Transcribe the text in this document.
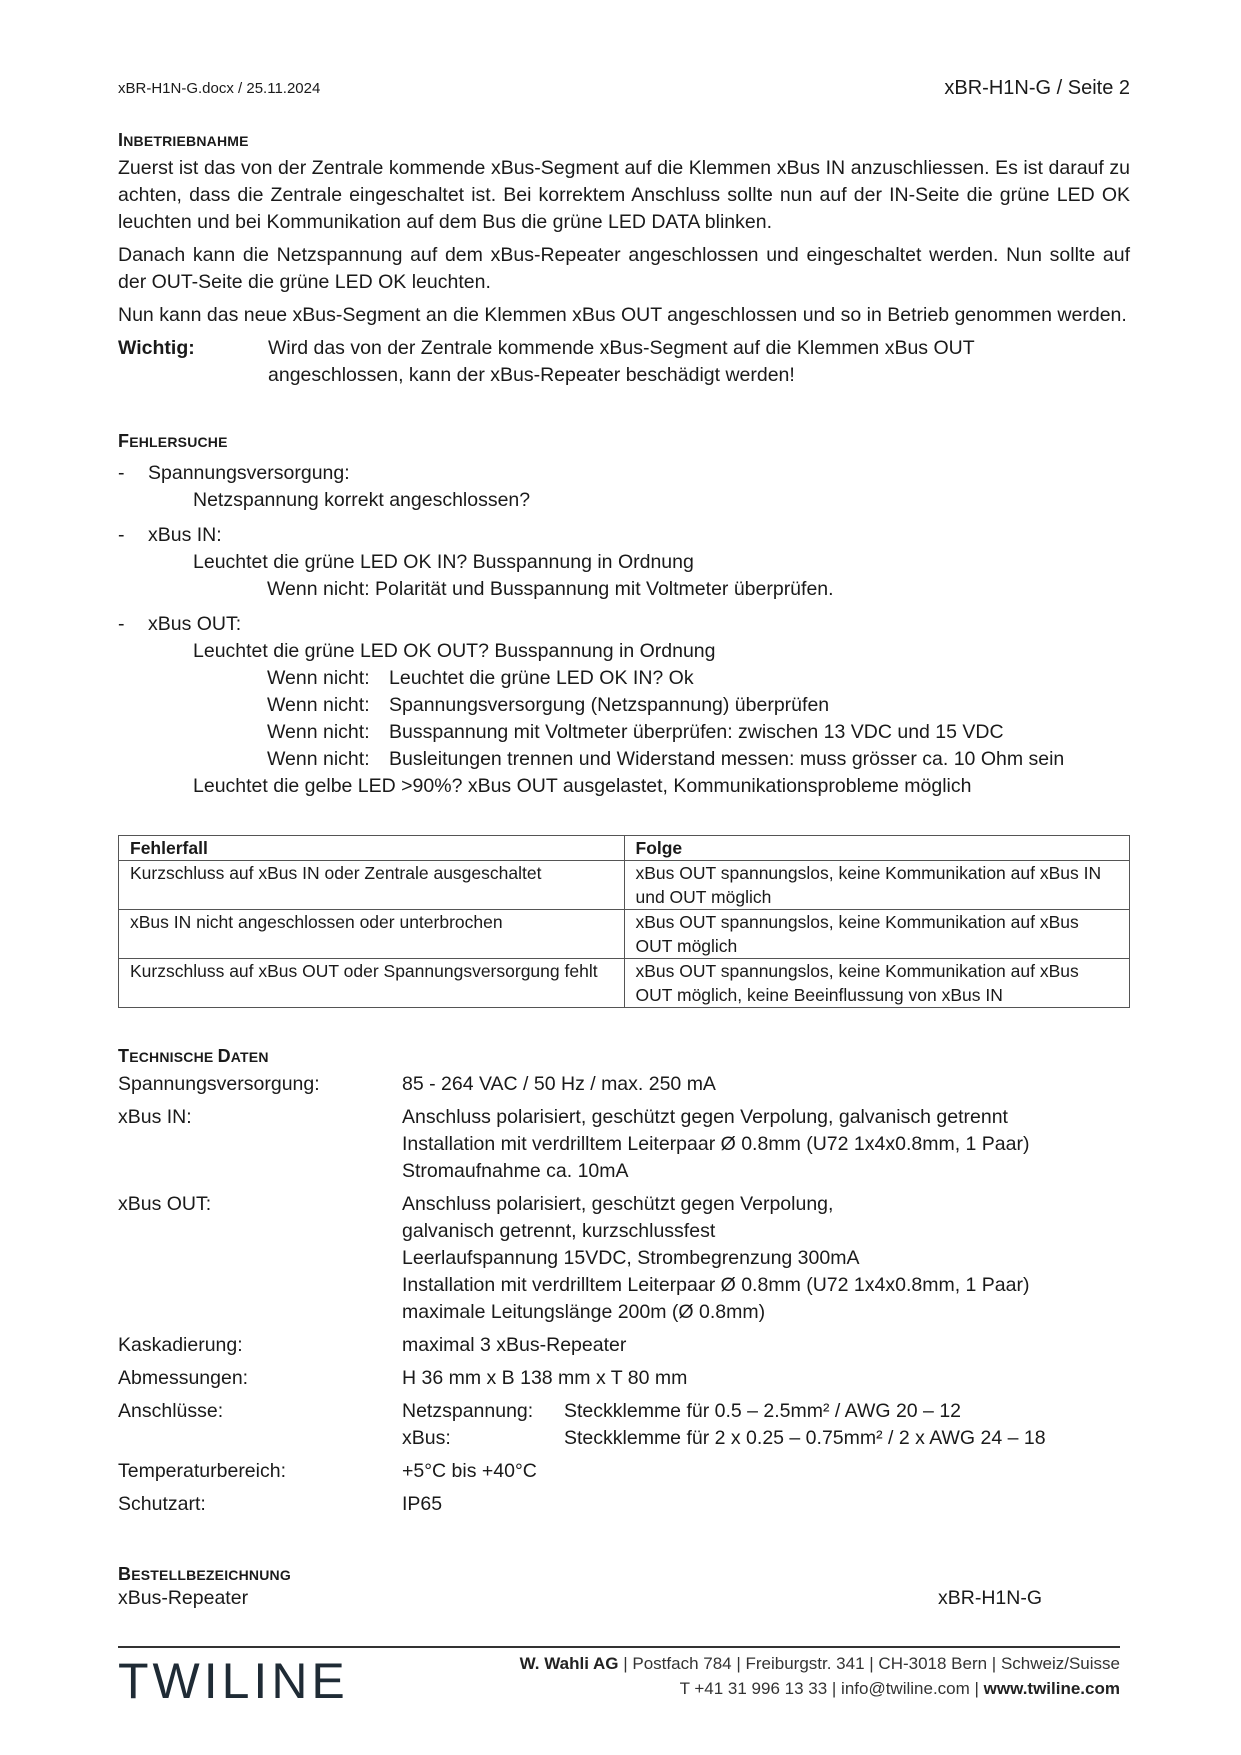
xBR-H1N-G.docx / 25.11.2024	xBR-H1N-G / Seite 2
INBETRIEBNAHME

Zuerst ist das von der Zentrale kommende xBus-Segment auf die Klemmen xBus IN anzuschliessen. Es ist darauf zu achten, dass die Zentrale eingeschaltet ist. Bei korrektem Anschluss sollte nun auf der IN-Seite die grüne LED OK leuchten und bei Kommunikation auf dem Bus die grüne LED DATA blinken.

Danach kann die Netzspannung auf dem xBus-Repeater angeschlossen und eingeschaltet werden. Nun sollte auf der OUT-Seite die grüne LED OK leuchten.

Nun kann das neue xBus-Segment an die Klemmen xBus OUT angeschlossen und so in Betrieb genommen werden.

Wichtig:	Wird das von der Zentrale kommende xBus-Segment auf die Klemmen xBus OUT angeschlossen, kann der xBus-Repeater beschädigt werden!
FEHLERSUCHE
-	Spannungsversorgung:
Netzspannung korrekt angeschlossen?
-	xBus IN:
Leuchtet die grüne LED OK IN? Busspannung in Ordnung
Wenn nicht: Polarität und Busspannung mit Voltmeter überprüfen.
-	xBus OUT:
Leuchtet die grüne LED OK OUT? Busspannung in Ordnung
Wenn nicht: Leuchtet die grüne LED OK IN? Ok
Wenn nicht: Spannungsversorgung (Netzspannung) überprüfen
Wenn nicht: Busspannung mit Voltmeter überprüfen: zwischen 13 VDC und 15 VDC
Wenn nicht: Busleitungen trennen und Widerstand messen: muss grösser ca. 10 Ohm sein
Leuchtet die gelbe LED >90%? xBus OUT ausgelastet, Kommunikationsprobleme möglich
Fehlerfall	Folge
Kurzschluss auf xBus IN oder Zentrale ausgeschaltet	xBus OUT spannungslos, keine Kommunikation auf xBus IN und OUT möglich
xBus IN nicht angeschlossen oder unterbrochen	xBus OUT spannungslos, keine Kommunikation auf xBus OUT möglich
Kurzschluss auf xBus OUT oder Spannungsversorgung fehlt	xBus OUT spannungslos, keine Kommunikation auf xBus OUT möglich, keine Beeinflussung von xBus IN
TECHNISCHE DATEN
Spannungsversorgung:	85 - 264 VAC / 50 Hz / max. 250 mA
xBus IN:	Anschluss polarisiert, geschützt gegen Verpolung, galvanisch getrennt
Installation mit verdrilltem Leiterpaar Ø 0.8mm (U72 1x4x0.8mm, 1 Paar)
Stromaufnahme ca. 10mA
xBus OUT:	Anschluss polarisiert, geschützt gegen Verpolung,
galvanisch getrennt, kurzschlussfest
Leerlaufspannung 15VDC, Strombegrenzung 300mA
Installation mit verdrilltem Leiterpaar Ø 0.8mm (U72 1x4x0.8mm, 1 Paar)
maximale Leitungslänge 200m (Ø 0.8mm)
Kaskadierung:	maximal 3 xBus-Repeater
Abmessungen:	H 36 mm x B 138 mm x T 80 mm
Anschlüsse:	Netzspannung:	Steckklemme für 0.5 – 2.5mm² / AWG 20 – 12
xBus:	Steckklemme für 2 x 0.25 – 0.75mm² / 2 x AWG 24 – 18
Temperaturbereich:	+5°C bis +40°C
Schutzart:	IP65
BESTELLBEZEICHNUNG
xBus-Repeater	xBR-H1N-G
TWILINE	W. Wahli AG | Postfach 784 | Freiburgstr. 341 | CH-3018 Bern | Schweiz/Suisse
T +41 31 996 13 33 | info@twiline.com | www.twiline.com
